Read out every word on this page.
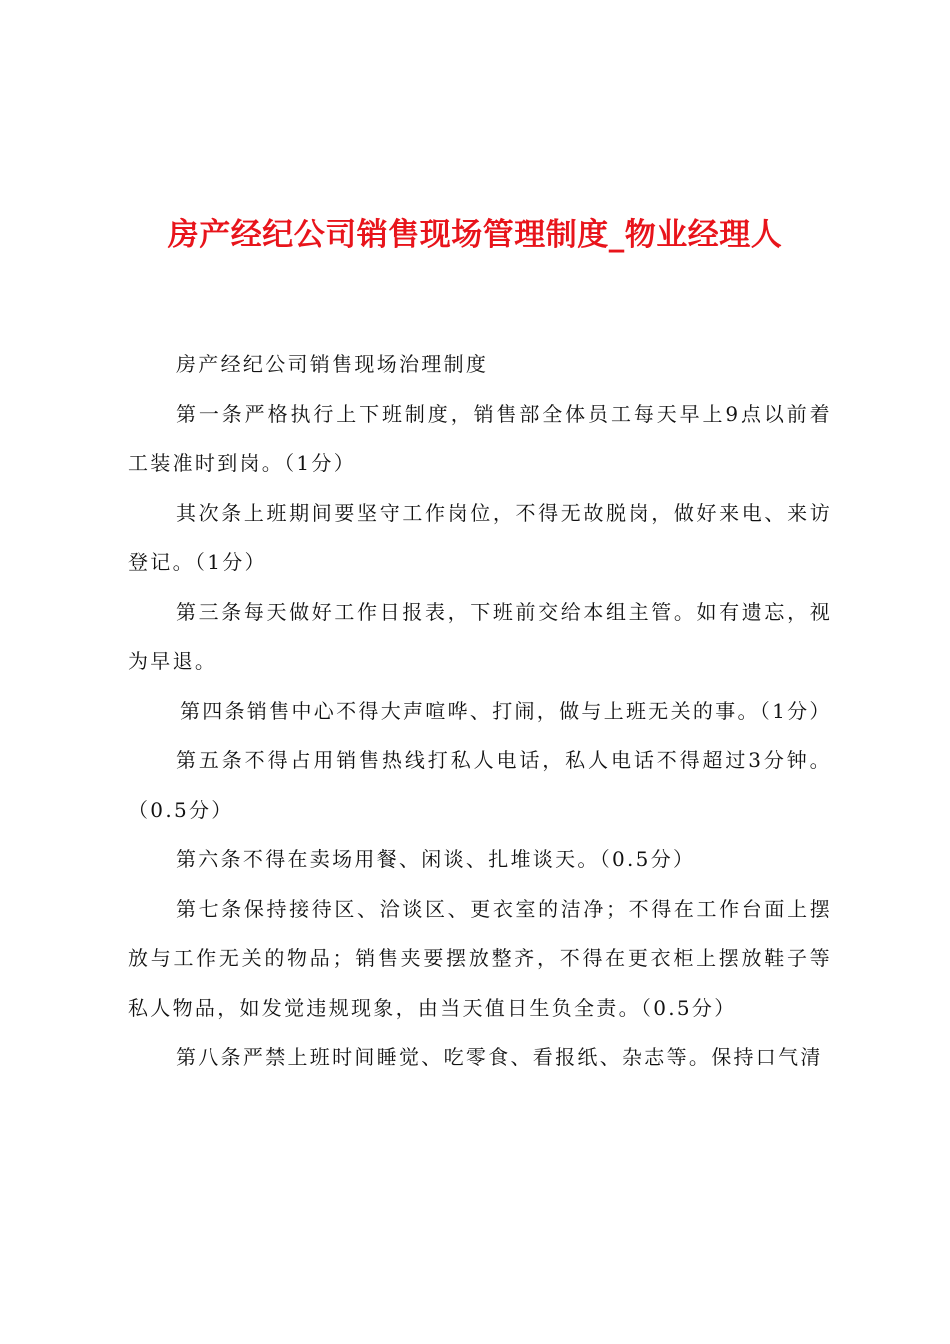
房产经纪公司销售现场管理制度_物业经理人

房产经纪公司销售现场治理制度

第一条严格执行上下班制度，销售部全体员工每天早上9点以前着工装准时到岗。（1分）

其次条上班期间要坚守工作岗位，不得无故脱岗，做好来电、来访登记。（1分）

第三条每天做好工作日报表，下班前交给本组主管。如有遗忘，视为早退。

第四条销售中心不得大声喧哗、打闹，做与上班无关的事。（1分）

第五条不得占用销售热线打私人电话，私人电话不得超过3分钟。（0.5分）

第六条不得在卖场用餐、闲谈、扎堆谈天。（0.5分）

第七条保持接待区、洽谈区、更衣室的洁净；不得在工作台面上摆放与工作无关的物品；销售夹要摆放整齐，不得在更衣柜上摆放鞋子等私人物品，如发觉违规现象，由当天值日生负全责。（0.5分）

第八条严禁上班时间睡觉、吃零食、看报纸、杂志等。保持口气清
